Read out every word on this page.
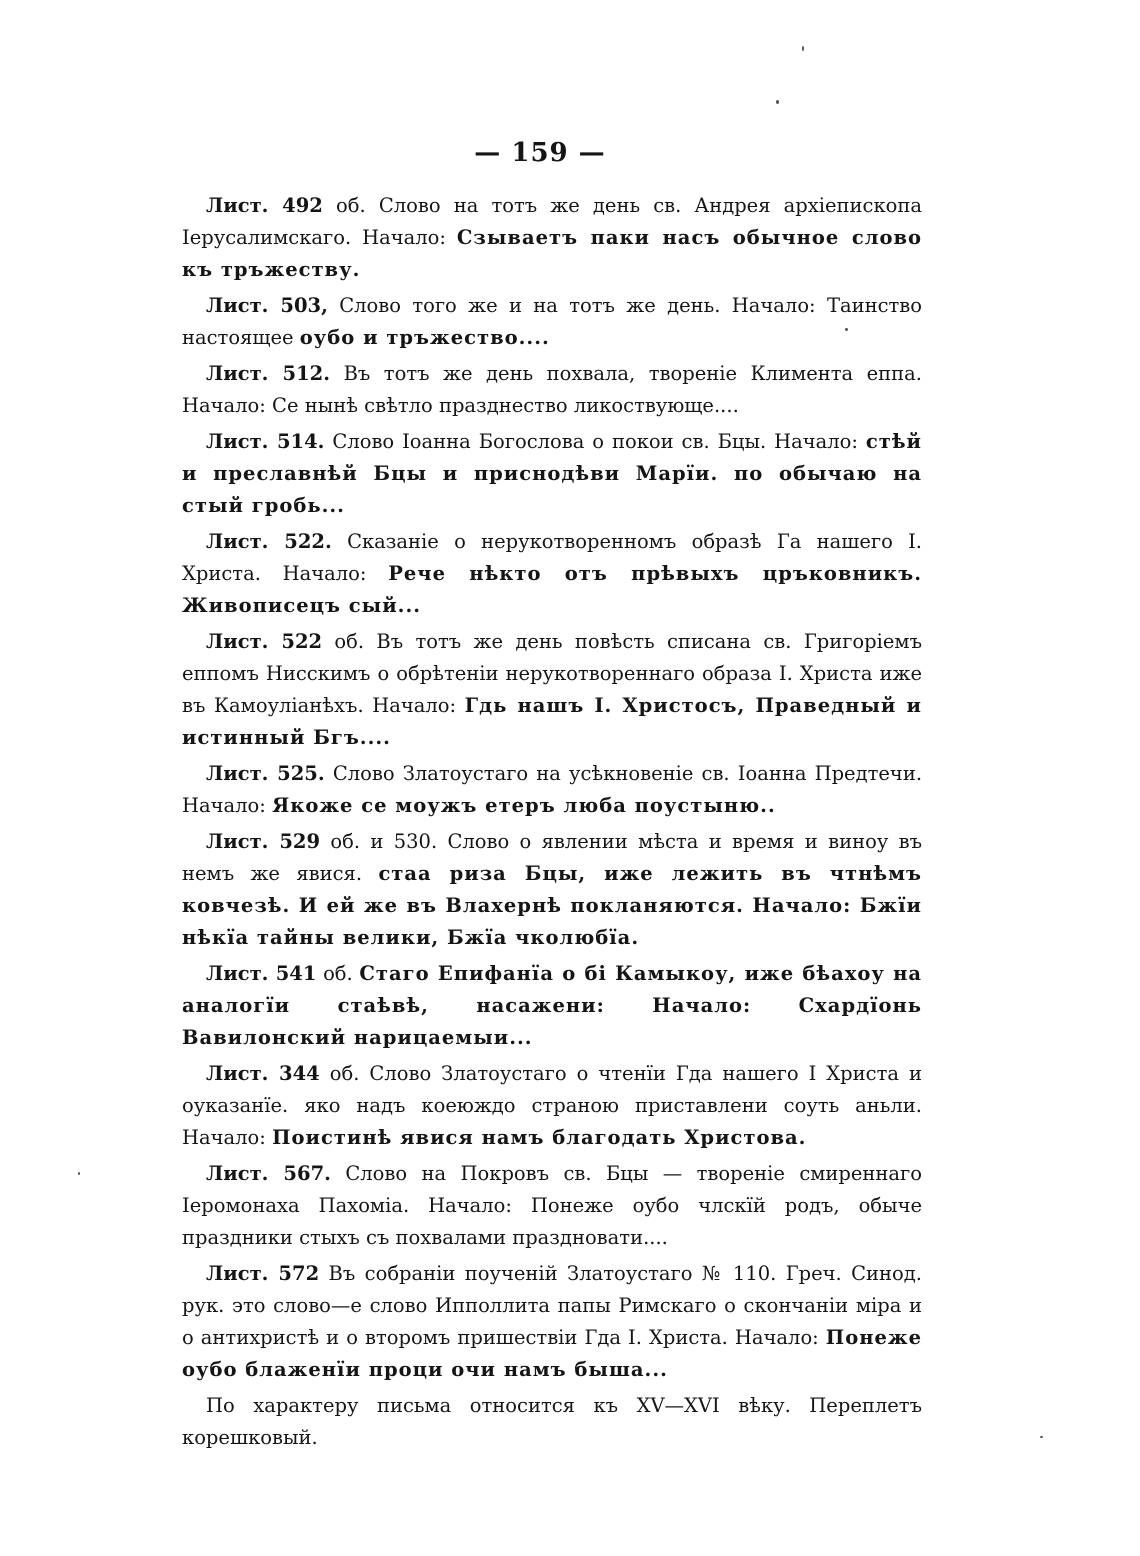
— 159 —

Лист. 492 об. Слово на тотъ же день св. Андрея архіепископа Іерусалимскаго. Начало: Сзываетъ паки насъ обычное слово къ тръжеству.

Лист. 503, Слово того же и на тотъ же день. Начало: Таинство настоящее оубо и тръжество....

Лист. 512. Въ тотъ же день похвала, твореніе Климента еппа. Начало: Се нынѣ свѣтло празднество ликоствующе....

Лист. 514. Слово Іоанна Богослова о покои св. Бцы. Начало: стѣй и преславнѣй Бцы и приснодѣви Марїи. по обычаю на стый гробь...

Лист. 522. Сказаніе о нерукотворенномъ образѣ Га нашего І. Христа. Начало: Рече нѣкто отъ прѣвыхъ цръковникъ. Живописецъ сый...

Лист. 522 об. Въ тотъ же день повѣсть списана св. Григоріемъ еппомъ Нисскимъ о обрѣтеніи нерукотвореннаго образа І. Христа иже въ Камоуліанѣхъ. Начало: Гдь нашъ І. Христосъ, Праведный и истинный Бгъ....

Лист. 525. Слово Златоустаго на усѣкновеніе св. Іоанна Предтечи. Начало: Якоже се моужъ етеръ люба поустыню..

Лист. 529 об. и 530. Слово о явлении мѣста и время и виноу въ немъ же явися. стаа риза Бцы, иже лежить въ чтнѣмъ ковчезѣ. И ей же въ Влахернѣ покланяются. Начало: Бжїи нѣкїа тайны велики, Бжїа чколюбїа.

Лист. 541 об. Стаго Епифанїа о бі Камыкоу, иже бѣахоу на аналогїи стаѣвѣ, насажени: Начало: Схардїонь Вавилонский нарицаемыи...

Лист. 344 об. Слово Златоустаго о чтенїи Гда нашего І Христа и оуказанїе. яко надъ коеюждо страною приставлени соуть аньли. Начало: Поистинѣ явися намъ благодать Христова.

Лист. 567. Слово на Покровъ св. Бцы — твореніе смиреннаго Іеромонаха Пахоміа. Начало: Понеже оубо члскїй родъ, обыче праздники стыхъ съ похвалами праздновати....

Лист. 572 Въ собраніи поученій Златоустаго № 110. Греч. Синод. рук. это слово—е слово Ипполлита папы Римскаго о скончаніи міра и о антихристѣ и о второмъ пришествіи Гда І. Христа. Начало: Понеже оубо блаженїи проци очи намъ быша...

По характеру письма относится къ XV—XVI вѣку. Переплетъ корешковый.
